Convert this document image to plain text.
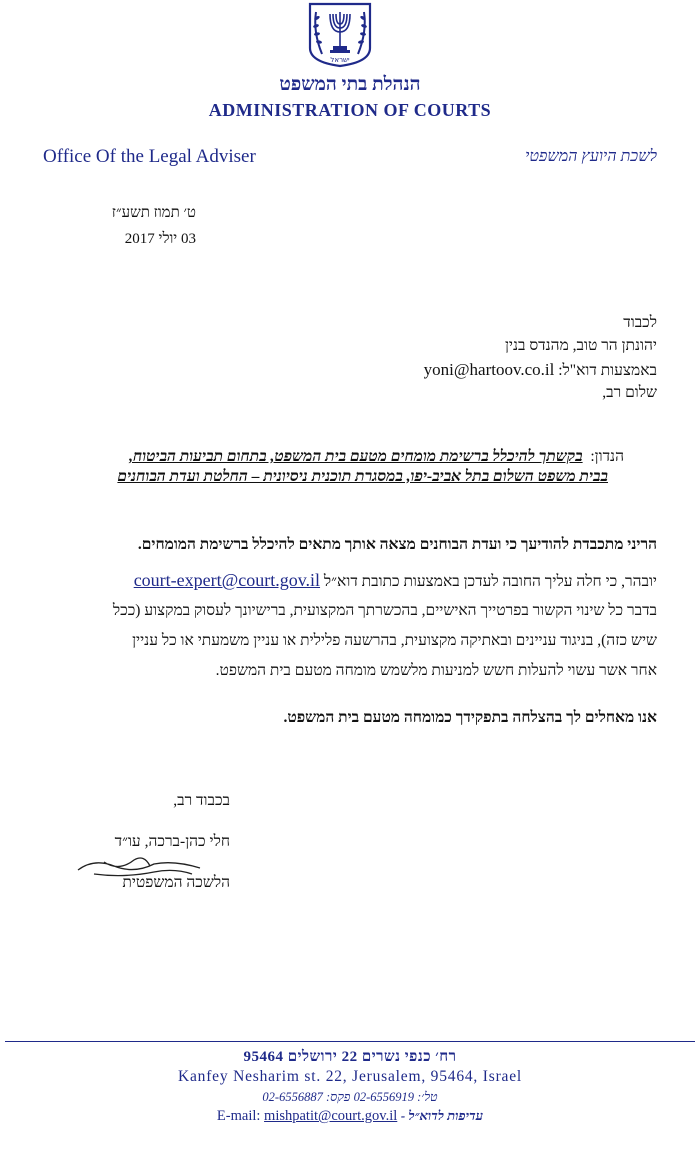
ישראל
הנהלת בתי המשפט
ADMINISTRATION OF COURTS
Office Of the Legal Adviser	לשכת היועץ המשפטי
ט׳ תמוז תשע״ז
03 יולי 2017
לכבוד
יהונתן הר טוב, מהנדס בנין
באמצעות דוא"ל: yoni@hartoov.co.il
שלום רב,
הנדון:  בקשתך להיכלל ברשימת מומחים מטעם בית המשפט, בתחום תביעות הביטוח,
בבית משפט השלום בתל אביב-יפו, במסגרת תוכנית ניסיונית – החלטת ועדת הבוחנים
הריני מתכבדת להודיעך כי ועדת הבוחנים מצאה אותך מתאים להיכלל ברשימת המומחים.
יובהר, כי חלה עליך החובה לעדכן באמצעות כתובת דוא״ל court-expert@court.gov.il
בדבר כל שינוי הקשור בפרטייך האישיים, בהכשרתך המקצועית, ברישיונך לעסוק במקצוע (ככל
שיש כזה), בניגוד עניינים ובאתיקה מקצועית, בהרשעה פלילית או עניין משמעתי או כל עניין
אחר אשר עשוי להעלות חשש למניעות מלשמש מומחה מטעם בית המשפט.
אנו מאחלים לך בהצלחה בתפקידך כמומחה מטעם בית המשפט.
בכבוד רב,
חלי כהן-ברכה, עו״ד
הלשכה המשפטית
רח׳ כנפי נשרים 22 ירושלים 95464
Kanfey Nesharim st. 22, Jerusalem, 95464, Israel
טל׳: 02-6556919 פקס: 02-6556887
עדיפות לדוא״ל - E-mail: mishpatit@court.gov.il
